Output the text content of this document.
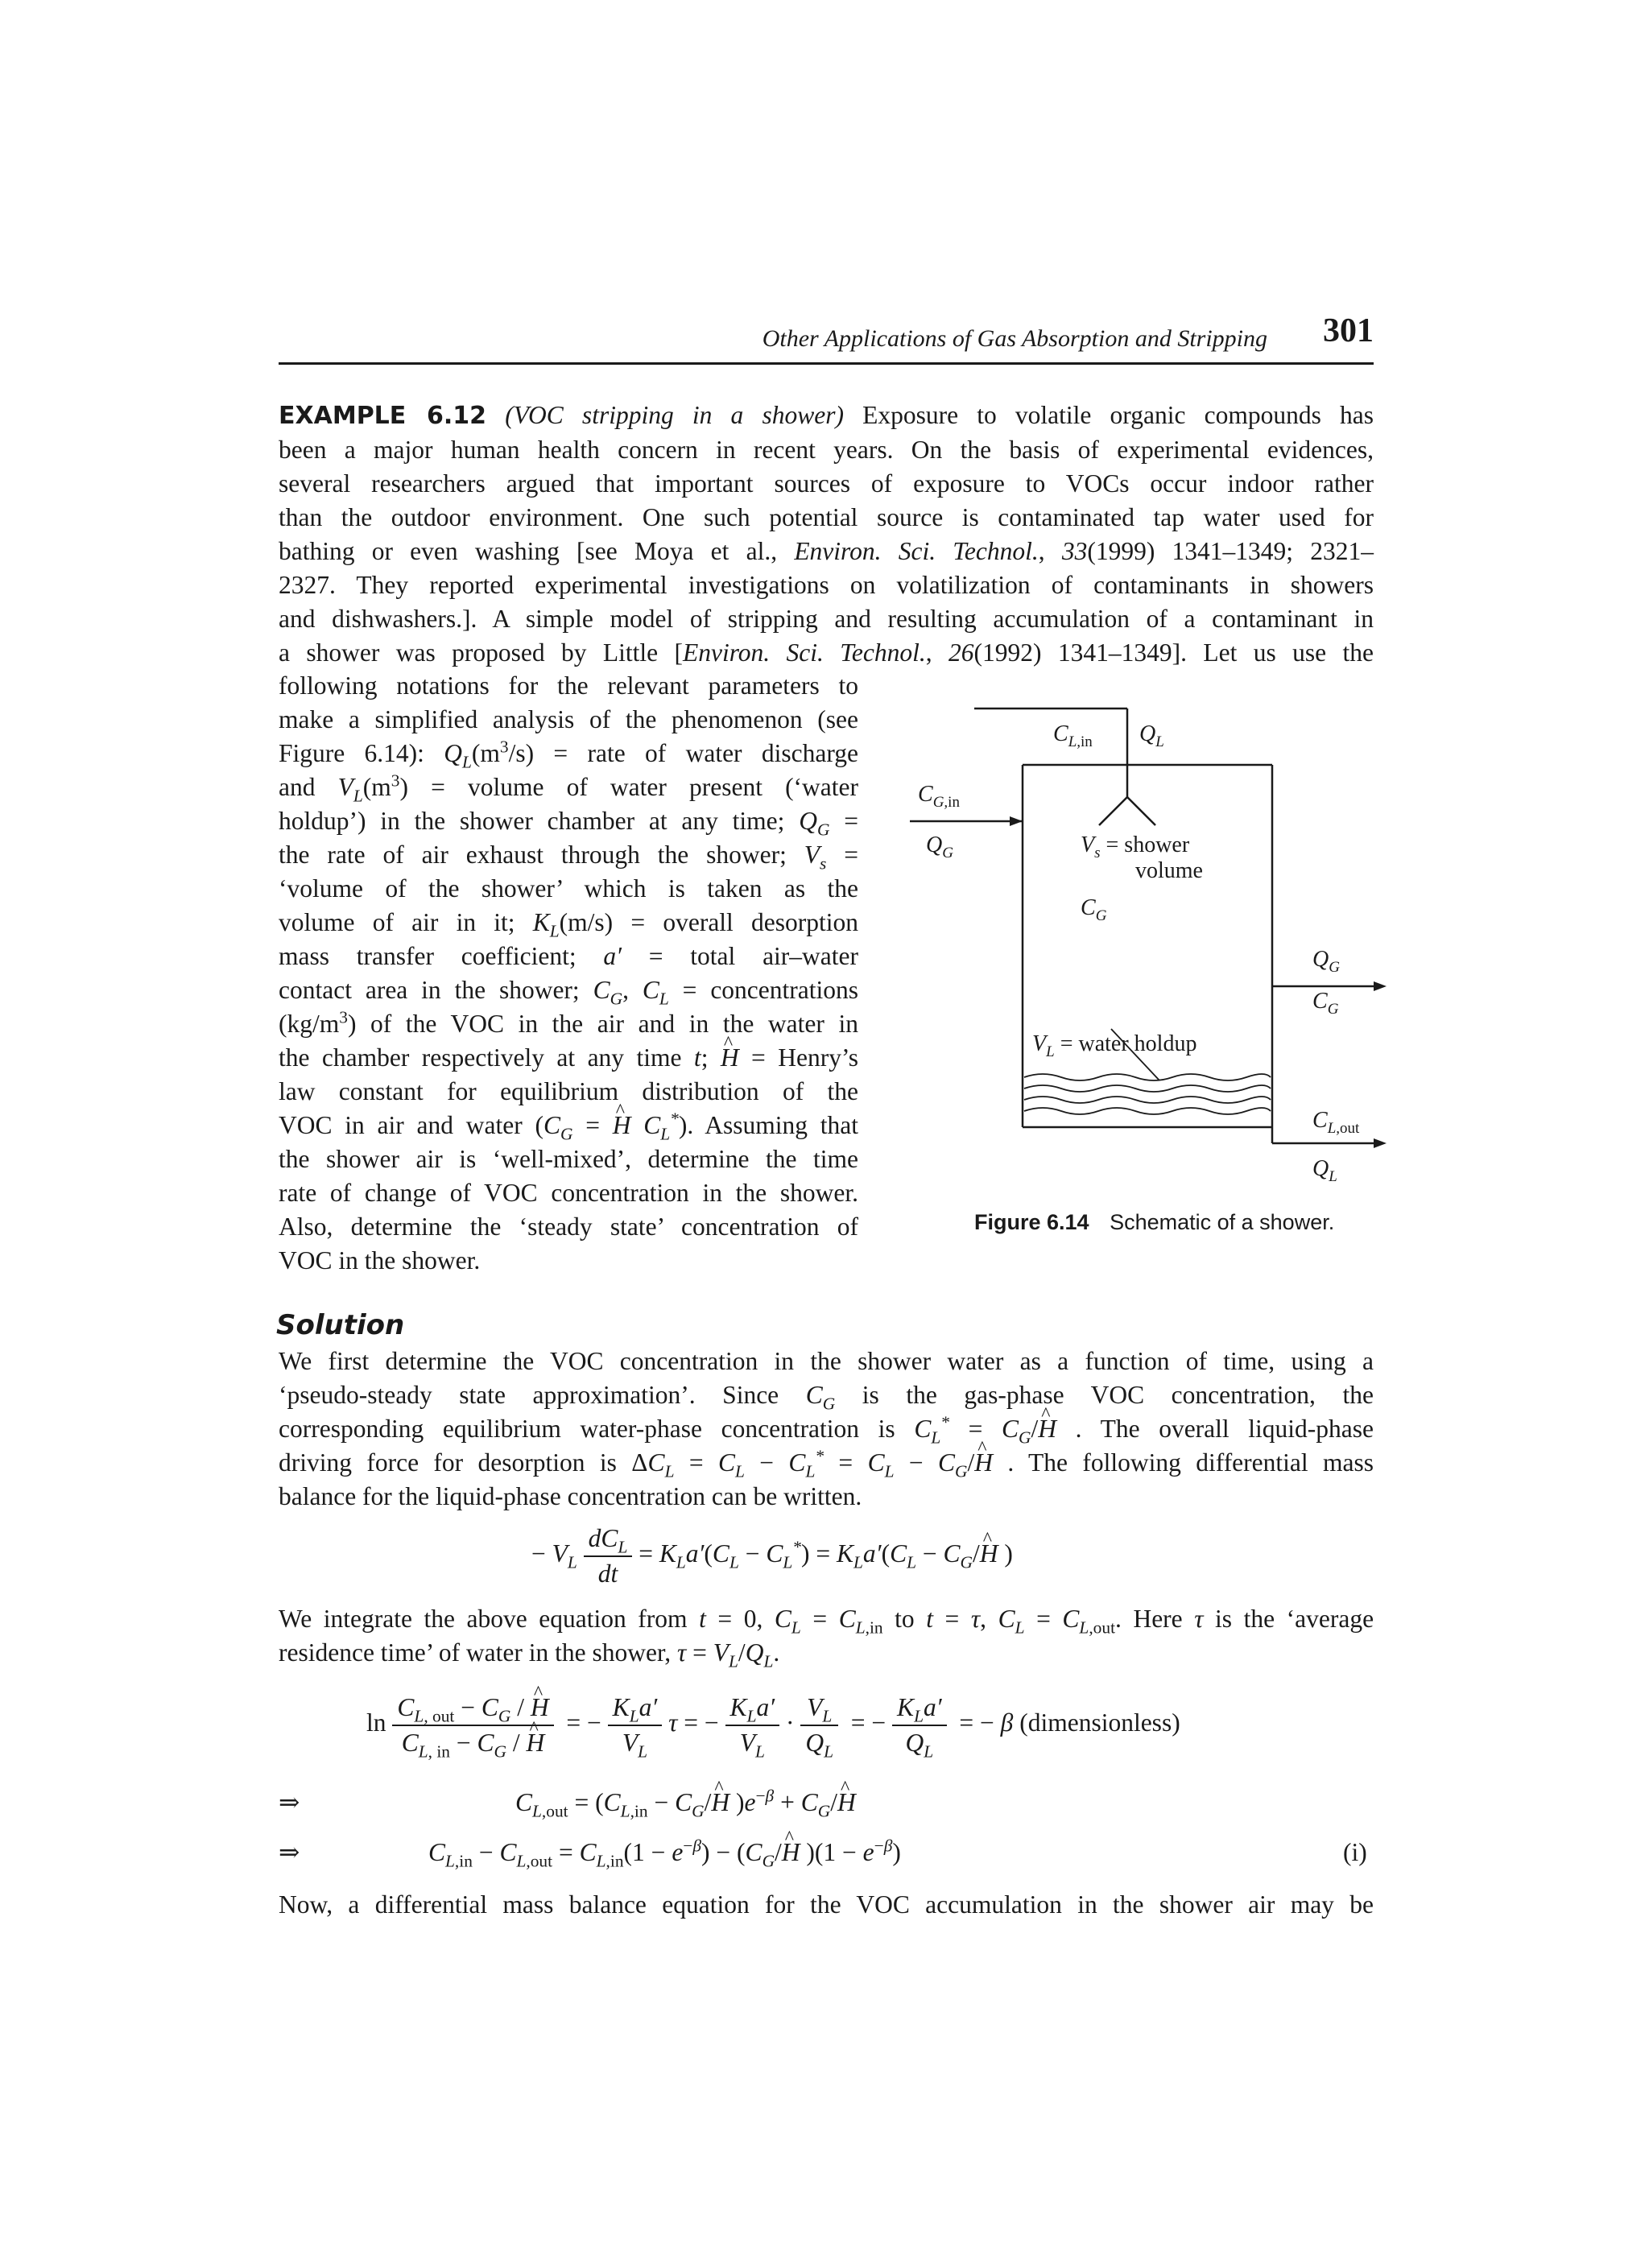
Other Applications of Gas Absorption and Stripping 301
EXAMPLE 6.12 (VOC stripping in a shower) Exposure to volatile organic compounds has
been a major human health concern in recent years. On the basis of experimental evidences,
several researchers argued that important sources of exposure to VOCs occur indoor rather
than the outdoor environment. One such potential source is contaminated tap water used for
bathing or even washing [see Moya et al., Environ. Sci. Technol., 33(1999) 1341–1349; 2321–
2327. They reported experimental investigations on volatilization of contaminants in showers
and dishwashers.]. A simple model of stripping and resulting accumulation of a contaminant in
a shower was proposed by Little [Environ. Sci. Technol., 26(1992) 1341–1349]. Let us use the
following notations for the relevant parameters to
make a simplified analysis of the phenomenon (see
Figure 6.14): $Q_L(m^3/s)$ = rate of water discharge
and $V_L(m^3)$ = volume of water present (‘water
holdup’) in the shower chamber at any time; $Q_G$ =
the rate of air exhaust through the shower; $V_s$ =
‘volume of the shower’ which is taken as the
volume of air in it; $K_L(m/s)$ = overall desorption
mass transfer coefficient; a′ = total air–water
contact area in the shower; $C_G$, $C_L$ = concentrations
$(kg/m^3)$ of the VOC in the air and in the water in
the chamber respectively at any time t; ^ H = Henry’s
law constant for equilibrium distribution of the
VOC in air and water ($C_G$ = ^ H $C_L^*$). Assuming that
the shower air is ‘well-mixed’, determine the time
rate of change of VOC concentration in the shower.
Also, determine the ‘steady state’ concentration of
VOC in the shower.
$C_{L,}in$ $Q_L$
$C_{G,}in$
$Q_G$	$V_s$ = shower
volume
$C_G$
$Q_G$
$C_G$
$V_L$ = water holdup
$C_{L,}out$
$Q_L$
Figure 6.14 Schematic of a shower.
Solution
We first determine the VOC concentration in the shower water as a function of time, using a
‘pseudo-steady state approximation’. Since $C_G$ is the gas-phase VOC concentration, the
corresponding equilibrium water-phase concentration is $C_L^*$ = $C_G/\^{}$ H . The overall liquid-phase
driving force for desorption is $\Delta C_L = C_L - C_L^* = C_L$ − $C_G/\^{}$ H . The following differential mass
balance for the liquid-phase concentration can be written.
− $V_L \frac{dC_L}{dt} = K_La'(C_L - C_L^*) = K_La'(C_L$ − $C_G/\^{}$ H )
We integrate the above equation from t = 0, $C_L = C_{L,in}$ to t = τ, $C_L = C_{L,out}$. Here τ is the ‘average
residence time’ of water in the shower, $\tau = V_L/Q_L$.
$\ln \frac{C_{L, out} - C_G / \^{} H}{C_{L, in} - C_G / \^{} H}$ = − $\frac{K_La'}{V_L}$ τ = − $\frac{K_La'}{V_L} \cdot \frac{V_L}{Q_L}$ = − $\frac{K_La'}{Q_L}$ = − β (dimensionless)
⇒	$C_{L,out} = (C_{L,in}$ − $C_G/\^{}$ H )$e^{-\beta}$ + $C_G/\^{}$ H
⇒	$C_{L,in} - C_{L,out} = C_{L,in}(1 - e^{-\beta})$ − ($C_G/\^{}$ H )$(1 - e^{-\beta})$	(i)
Now, a differential mass balance equation for the VOC accumulation in the shower air may be
